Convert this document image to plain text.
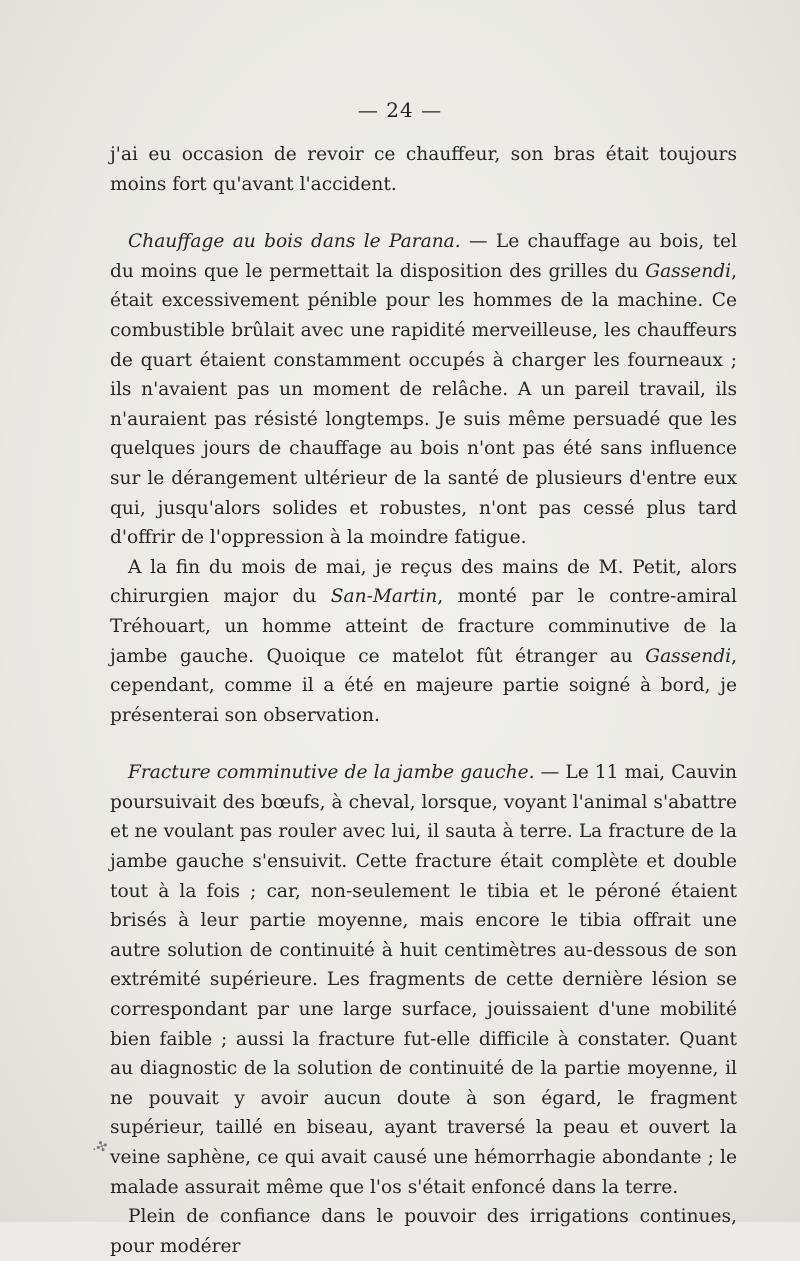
— 24 —

j'ai eu occasion de revoir ce chauffeur, son bras était toujours moins fort qu'avant l'accident.

Chauffage au bois dans le Parana. — Le chauffage au bois, tel du moins que le permettait la disposition des grilles du Gassendi, était excessivement pénible pour les hommes de la machine. Ce combustible brûlait avec une rapidité merveilleuse, les chauffeurs de quart étaient constamment occupés à charger les fourneaux ; ils n'avaient pas un moment de relâche. A un pareil travail, ils n'auraient pas résisté longtemps. Je suis même persuadé que les quelques jours de chauffage au bois n'ont pas été sans influence sur le dérangement ultérieur de la santé de plusieurs d'entre eux qui, jusqu'alors solides et robustes, n'ont pas cessé plus tard d'offrir de l'oppression à la moindre fatigue.

A la fin du mois de mai, je reçus des mains de M. Petit, alors chirurgien major du San-Martin, monté par le contre-amiral Tréhouart, un homme atteint de fracture comminutive de la jambe gauche. Quoique ce matelot fût étranger au Gassendi, cependant, comme il a été en majeure partie soigné à bord, je présenterai son observation.

Fracture comminutive de la jambe gauche. — Le 11 mai, Cauvin poursuivait des bœufs, à cheval, lorsque, voyant l'animal s'abattre et ne voulant pas rouler avec lui, il sauta à terre. La fracture de la jambe gauche s'ensuivit. Cette fracture était complète et double tout à la fois ; car, non-seulement le tibia et le péroné étaient brisés à leur partie moyenne, mais encore le tibia offrait une autre solution de continuité à huit centimètres au-dessous de son extrémité supérieure. Les fragments de cette dernière lésion se correspondant par une large surface, jouissaient d'une mobilité bien faible ; aussi la fracture fut-elle difficile à constater. Quant au diagnostic de la solution de continuité de la partie moyenne, il ne pouvait y avoir aucun doute à son égard, le fragment supérieur, taillé en biseau, ayant traversé la peau et ouvert la veine saphène, ce qui avait causé une hémorrhagie abondante ; le malade assurait même que l'os s'était enfoncé dans la terre.

Plein de confiance dans le pouvoir des irrigations continues, pour modérer

·✣
